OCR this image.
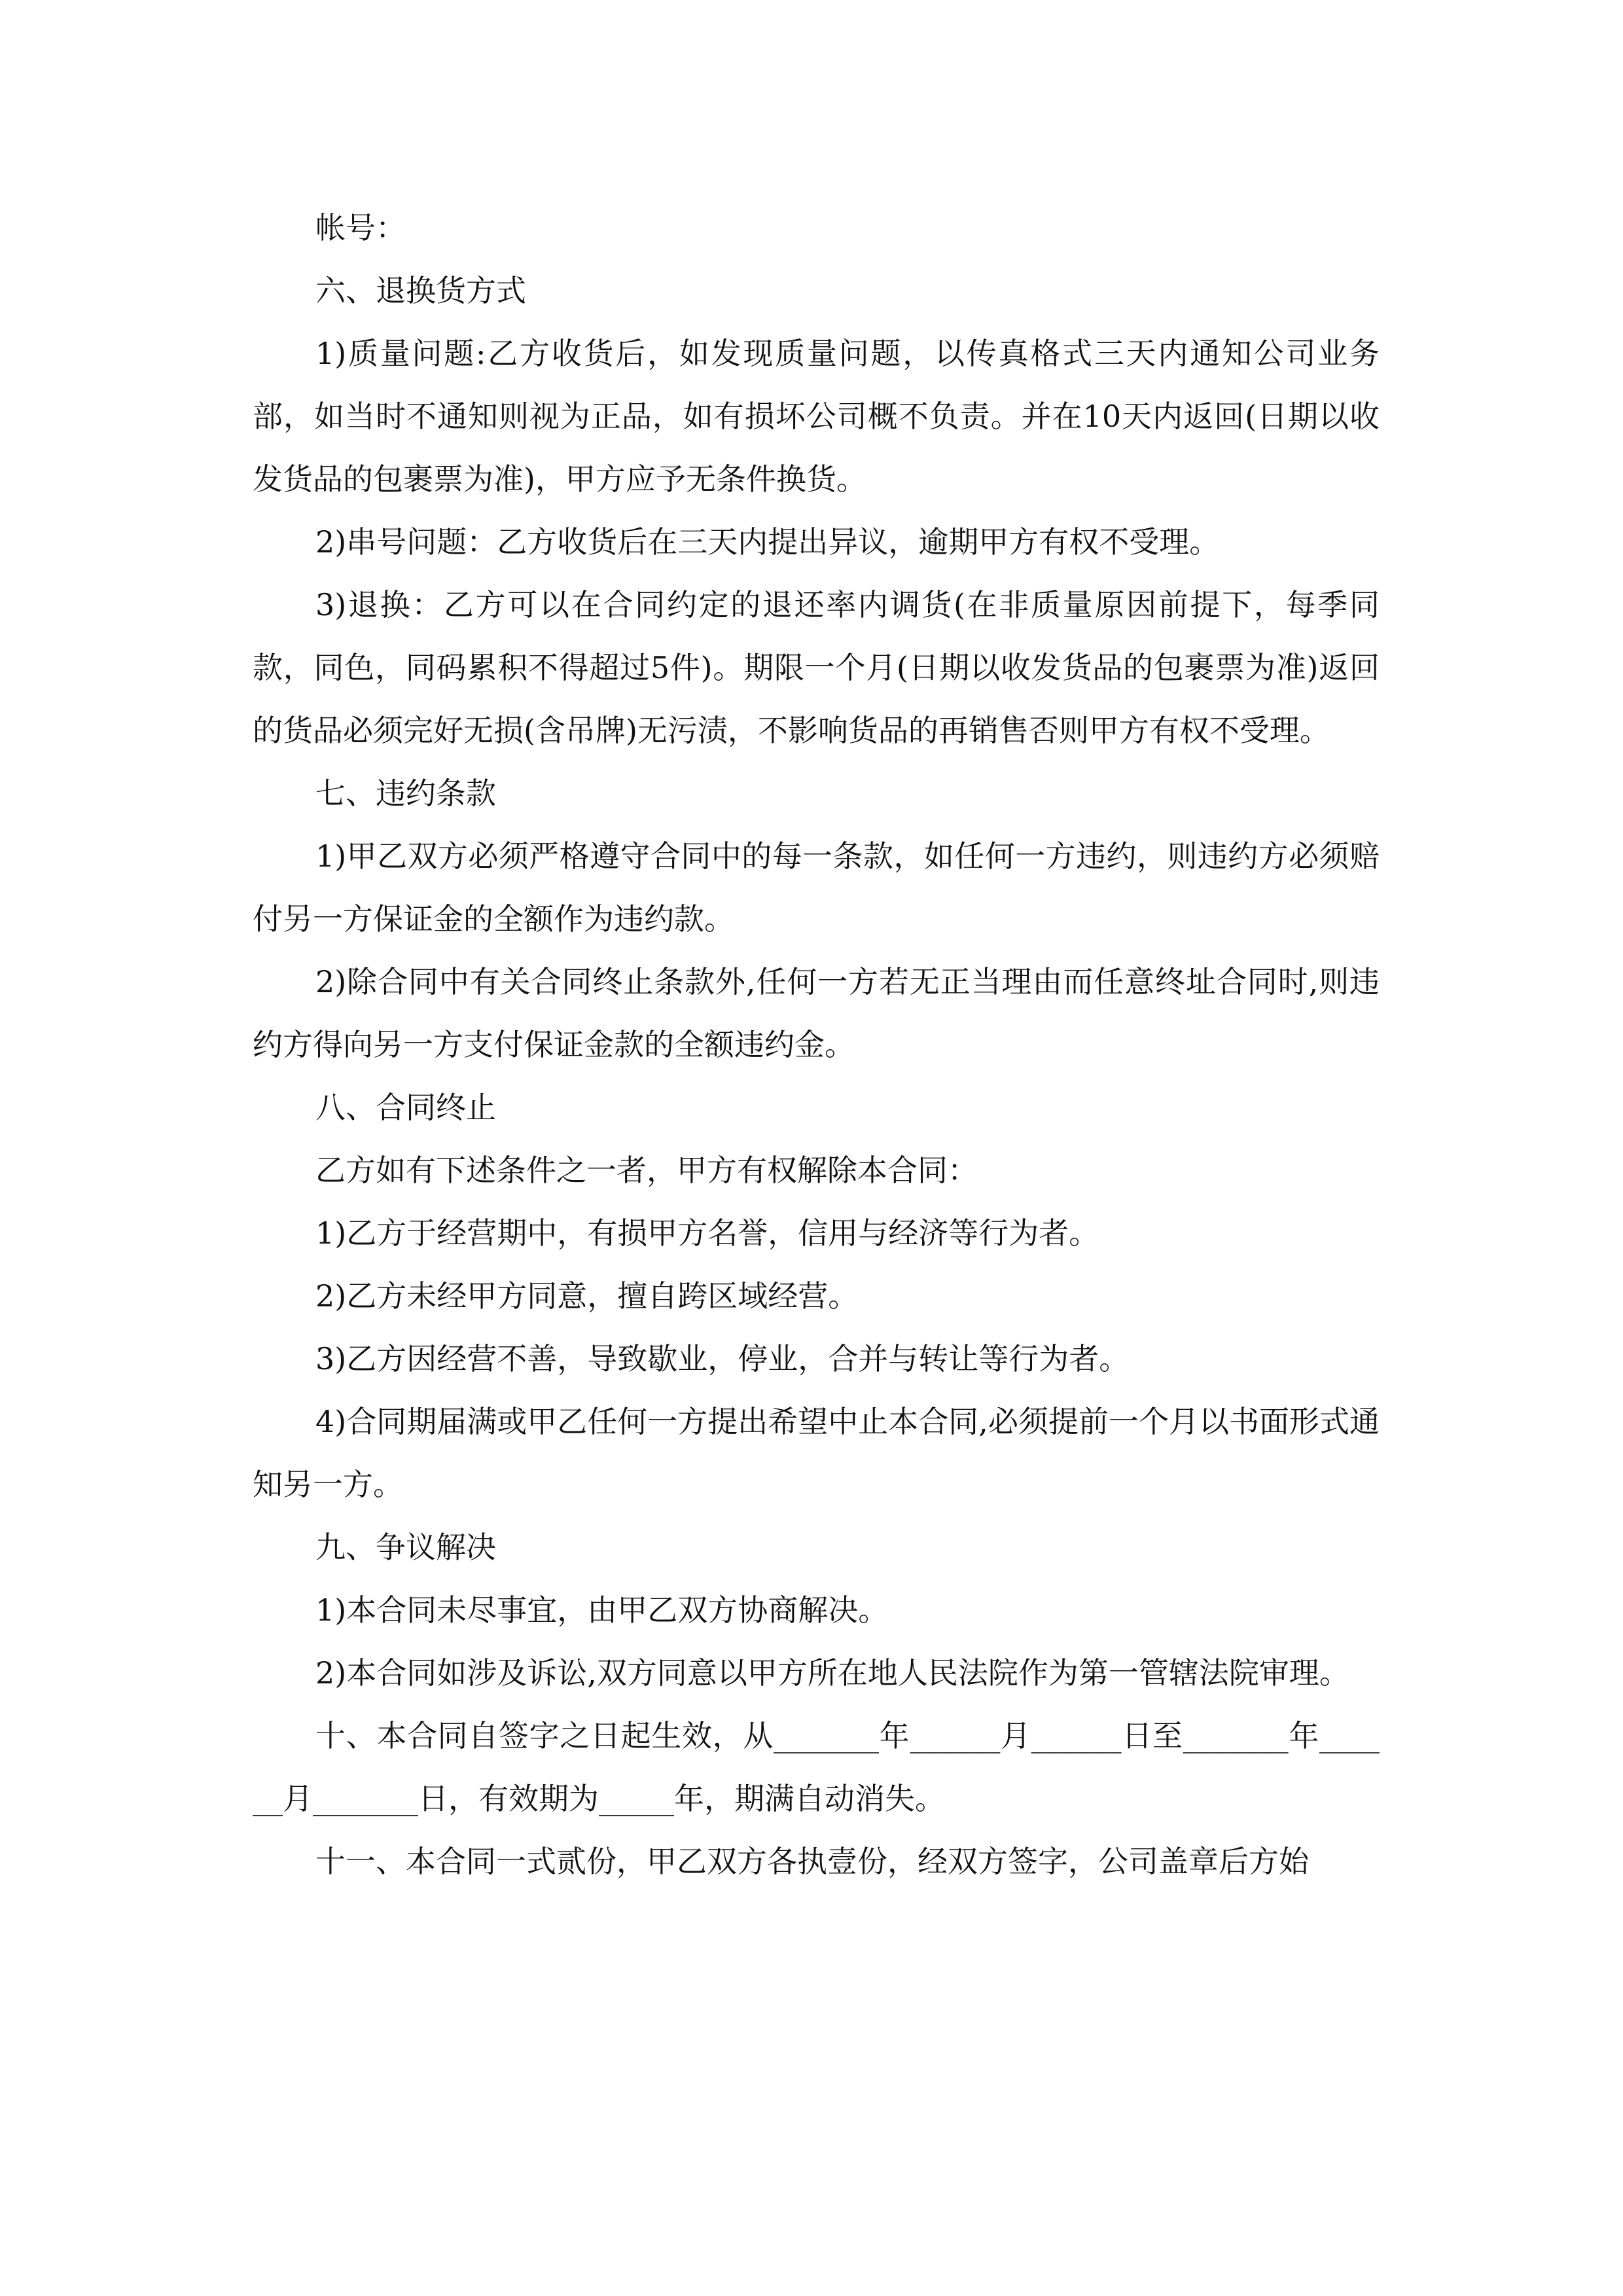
帐号：

六、退换货方式

1)质量问题:乙方收货后，如发现质量问题，以传真格式三天内通知公司业务部，如当时不通知则视为正品，如有损坏公司概不负责。并在10天内返回(日期以收发货品的包裹票为准)，甲方应予无条件换货。

2)串号问题：乙方收货后在三天内提出异议，逾期甲方有权不受理。

3)退换：乙方可以在合同约定的退还率内调货(在非质量原因前提下，每季同款，同色，同码累积不得超过5件)。期限一个月(日期以收发货品的包裹票为准)返回的货品必须完好无损(含吊牌)无污渍，不影响货品的再销售否则甲方有权不受理。

七、违约条款

1)甲乙双方必须严格遵守合同中的每一条款，如任何一方违约，则违约方必须赔付另一方保证金的全额作为违约款。

2)除合同中有关合同终止条款外,任何一方若无正当理由而任意终址合同时,则违约方得向另一方支付保证金款的全额违约金。

八、合同终止

乙方如有下述条件之一者，甲方有权解除本合同：

1)乙方于经营期中，有损甲方名誉，信用与经济等行为者。

2)乙方未经甲方同意，擅自跨区域经营。

3)乙方因经营不善，导致歇业，停业，合并与转让等行为者。

4)合同期届满或甲乙任何一方提出希望中止本合同,必须提前一个月以书面形式通知另一方。

九、争议解决

1)本合同未尽事宜，由甲乙双方协商解决。

2)本合同如涉及诉讼,双方同意以甲方所在地人民法院作为第一管辖法院审理。

十、本合同自签字之日起生效，从_______年______月______日至_______年______月_______日，有效期为_____年，期满自动消失。

十一、本合同一式贰份，甲乙双方各执壹份，经双方签字，公司盖章后方始
